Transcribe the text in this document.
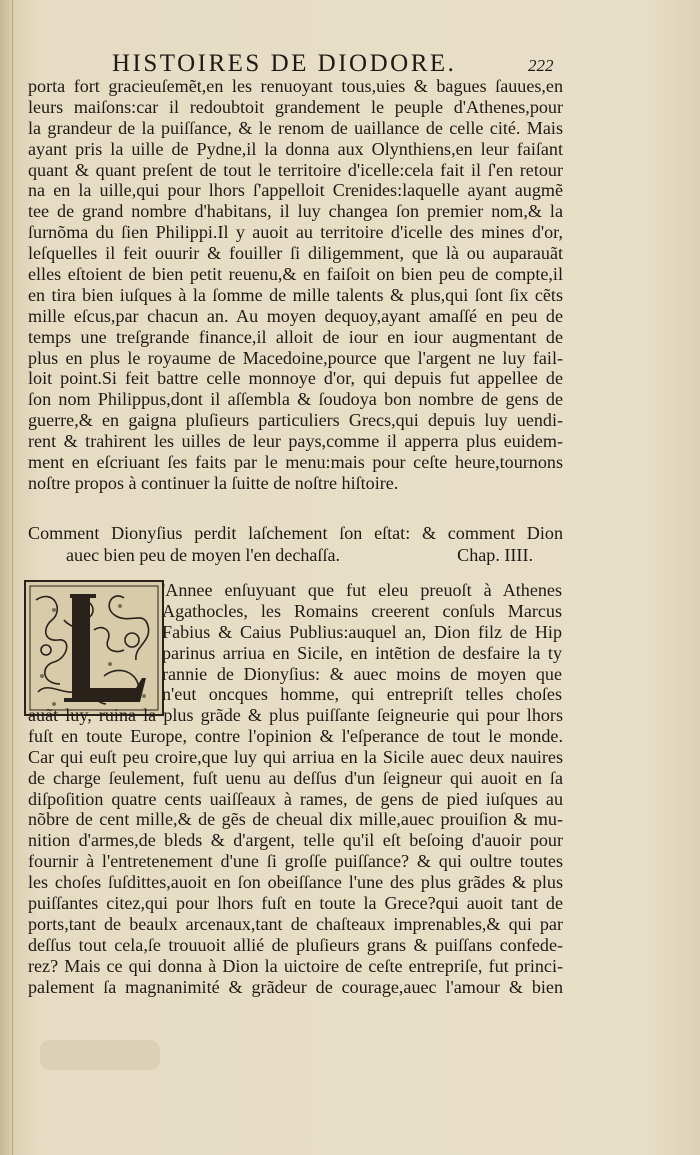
HISTOIRES DE DIODORE.	222
porta fort gracieuſemẽt,en les renuoyant tous,uies & bagues ſauues,en
leurs maiſons:car il redoubtoit grandement le peuple d'Athenes,pour
la grandeur de la puiſſance, & le renom de uaillance de celle cité. Mais
ayant pris la uille de Pydne,il la donna aux Olynthiens,en leur faiſant
quant & quant preſent de tout le territoire d'icelle:cela fait il ſ'en retour
na en la uille,qui pour lhors ſ'appelloit Crenides:laquelle ayant augmẽ
tee de grand nombre d'habitans, il luy changea ſon premier nom,& la
ſurnõma du ſien Philippi.Il y auoit au territoire d'icelle des mines d'or,
leſquelles il feit ouurir & fouiller ſi diligemment, que là ou auparauãt
elles eſtoient de bien petit reuenu,& en faiſoit on bien peu de compte,il
en tira bien iuſques à la ſomme de mille talents & plus,qui ſont ſix cẽts
mille eſcus,par chacun an. Au moyen dequoy,ayant amaſſé en peu de
temps une treſgrande finance,il alloit de iour en iour augmentant de
plus en plus le royaume de Macedoine,pource que l'argent ne luy fail-
loit point.Si feit battre celle monnoye d'or, qui depuis fut appellee de
ſon nom Philippus,dont il aſſembla & ſoudoya bon nombre de gens de
guerre,& en gaigna pluſieurs particuliers Grecs,qui depuis luy uendi-
rent & trahirent les uilles de leur pays,comme il apperra plus euidem-
ment en eſcriuant ſes faits par le menu:mais pour ceſte heure,tournons
noſtre propos à continuer la ſuitte de noſtre hiſtoire.
Comment Dionyſius perdit laſchement ſon eſtat: & comment Dion
auec bien peu de moyen l'en dechaſſa.	Chap. IIII.
'Annee enſuyuant que fut eleu preuoſt à Athenes
Agathocles, les Romains creerent conſuls Marcus
Fabius & Caius Publius:auquel an, Dion filz de Hip
parinus arriua en Sicile, en intẽtion de desfaire la ty
rannie de Dionyſius: & auec moins de moyen que
n'eut oncques homme, qui entrepriſt telles choſes
auãt luy, ruina la plus grãde & plus puiſſante ſeigneurie qui pour lhors
fuſt en toute Europe, contre l'opinion & l'eſperance de tout le monde.
Car qui euſt peu croire,que luy qui arriua en la Sicile auec deux nauires
de charge ſeulement, fuſt uenu au deſſus d'un ſeigneur qui auoit en ſa
diſpoſition quatre cents uaiſſeaux à rames, de gens de pied iuſques au
nõbre de cent mille,& de gẽs de cheual dix mille,auec prouiſion & mu-
nition d'armes,de bleds & d'argent, telle qu'il eſt beſoing d'auoir pour
fournir à l'entretenement d'une ſi groſſe puiſſance? & qui oultre toutes
les choſes ſuſdittes,auoit en ſon obeiſſance l'une des plus grãdes & plus
puiſſantes citez,qui pour lhors fuſt en toute la Grece?qui auoit tant de
ports,tant de beaulx arcenaux,tant de chaſteaux imprenables,& qui par
deſſus tout cela,ſe trouuoit allié de pluſieurs grans & puiſſans confede-
rez? Mais ce qui donna à Dion la uictoire de ceſte entrepriſe, fut princi-
palement ſa magnanimité & grãdeur de courage,auec l'amour & bien
